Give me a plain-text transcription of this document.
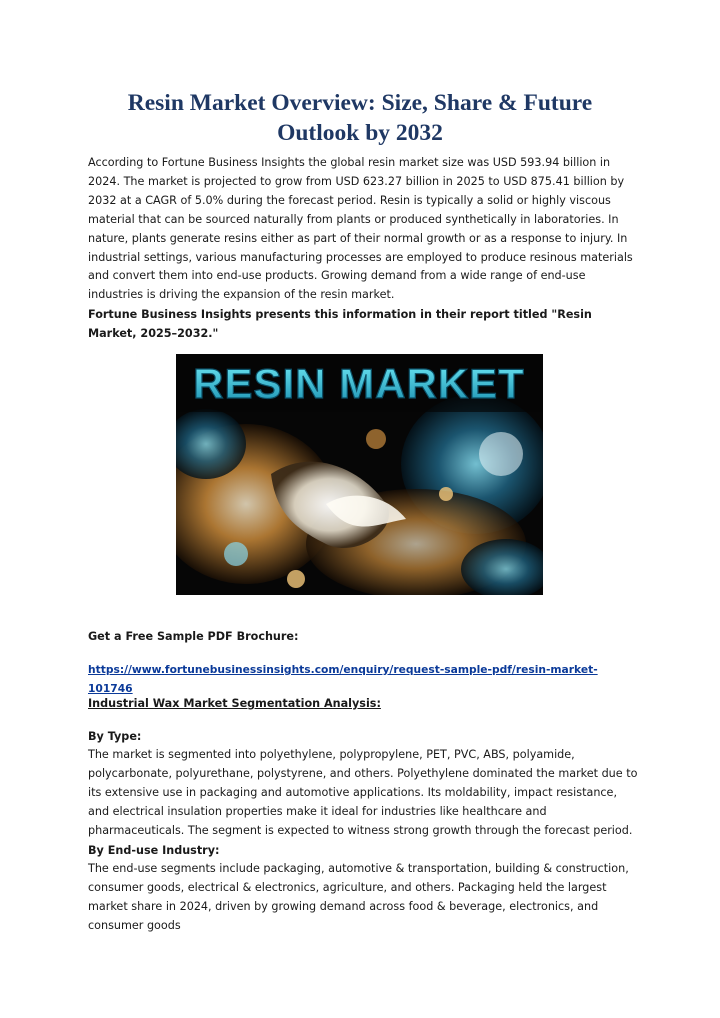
Resin Market Overview: Size, Share & Future Outlook by 2032

According to Fortune Business Insights the global resin market size was USD 593.94 billion in 2024. The market is projected to grow from USD 623.27 billion in 2025 to USD 875.41 billion by 2032 at a CAGR of 5.0% during the forecast period. Resin is typically a solid or highly viscous material that can be sourced naturally from plants or produced synthetically in laboratories. In nature, plants generate resins either as part of their normal growth or as a response to injury. In industrial settings, various manufacturing processes are employed to produce resinous materials and convert them into end-use products. Growing demand from a wide range of end-use industries is driving the expansion of the resin market.

Fortune Business Insights presents this information in their report titled "Resin Market, 2025–2032."

RESIN MARKET

Get a Free Sample PDF Brochure:

https://www.fortunebusinessinsights.com/enquiry/request-sample-pdf/resin-market-101746

Industrial Wax Market Segmentation Analysis:

By Type:

The market is segmented into polyethylene, polypropylene, PET, PVC, ABS, polyamide, polycarbonate, polyurethane, polystyrene, and others. Polyethylene dominated the market due to its extensive use in packaging and automotive applications. Its moldability, impact resistance, and electrical insulation properties make it ideal for industries like healthcare and pharmaceuticals. The segment is expected to witness strong growth through the forecast period.

By End-use Industry:

The end-use segments include packaging, automotive & transportation, building & construction, consumer goods, electrical & electronics, agriculture, and others. Packaging held the largest market share in 2024, driven by growing demand across food & beverage, electronics, and consumer goods
